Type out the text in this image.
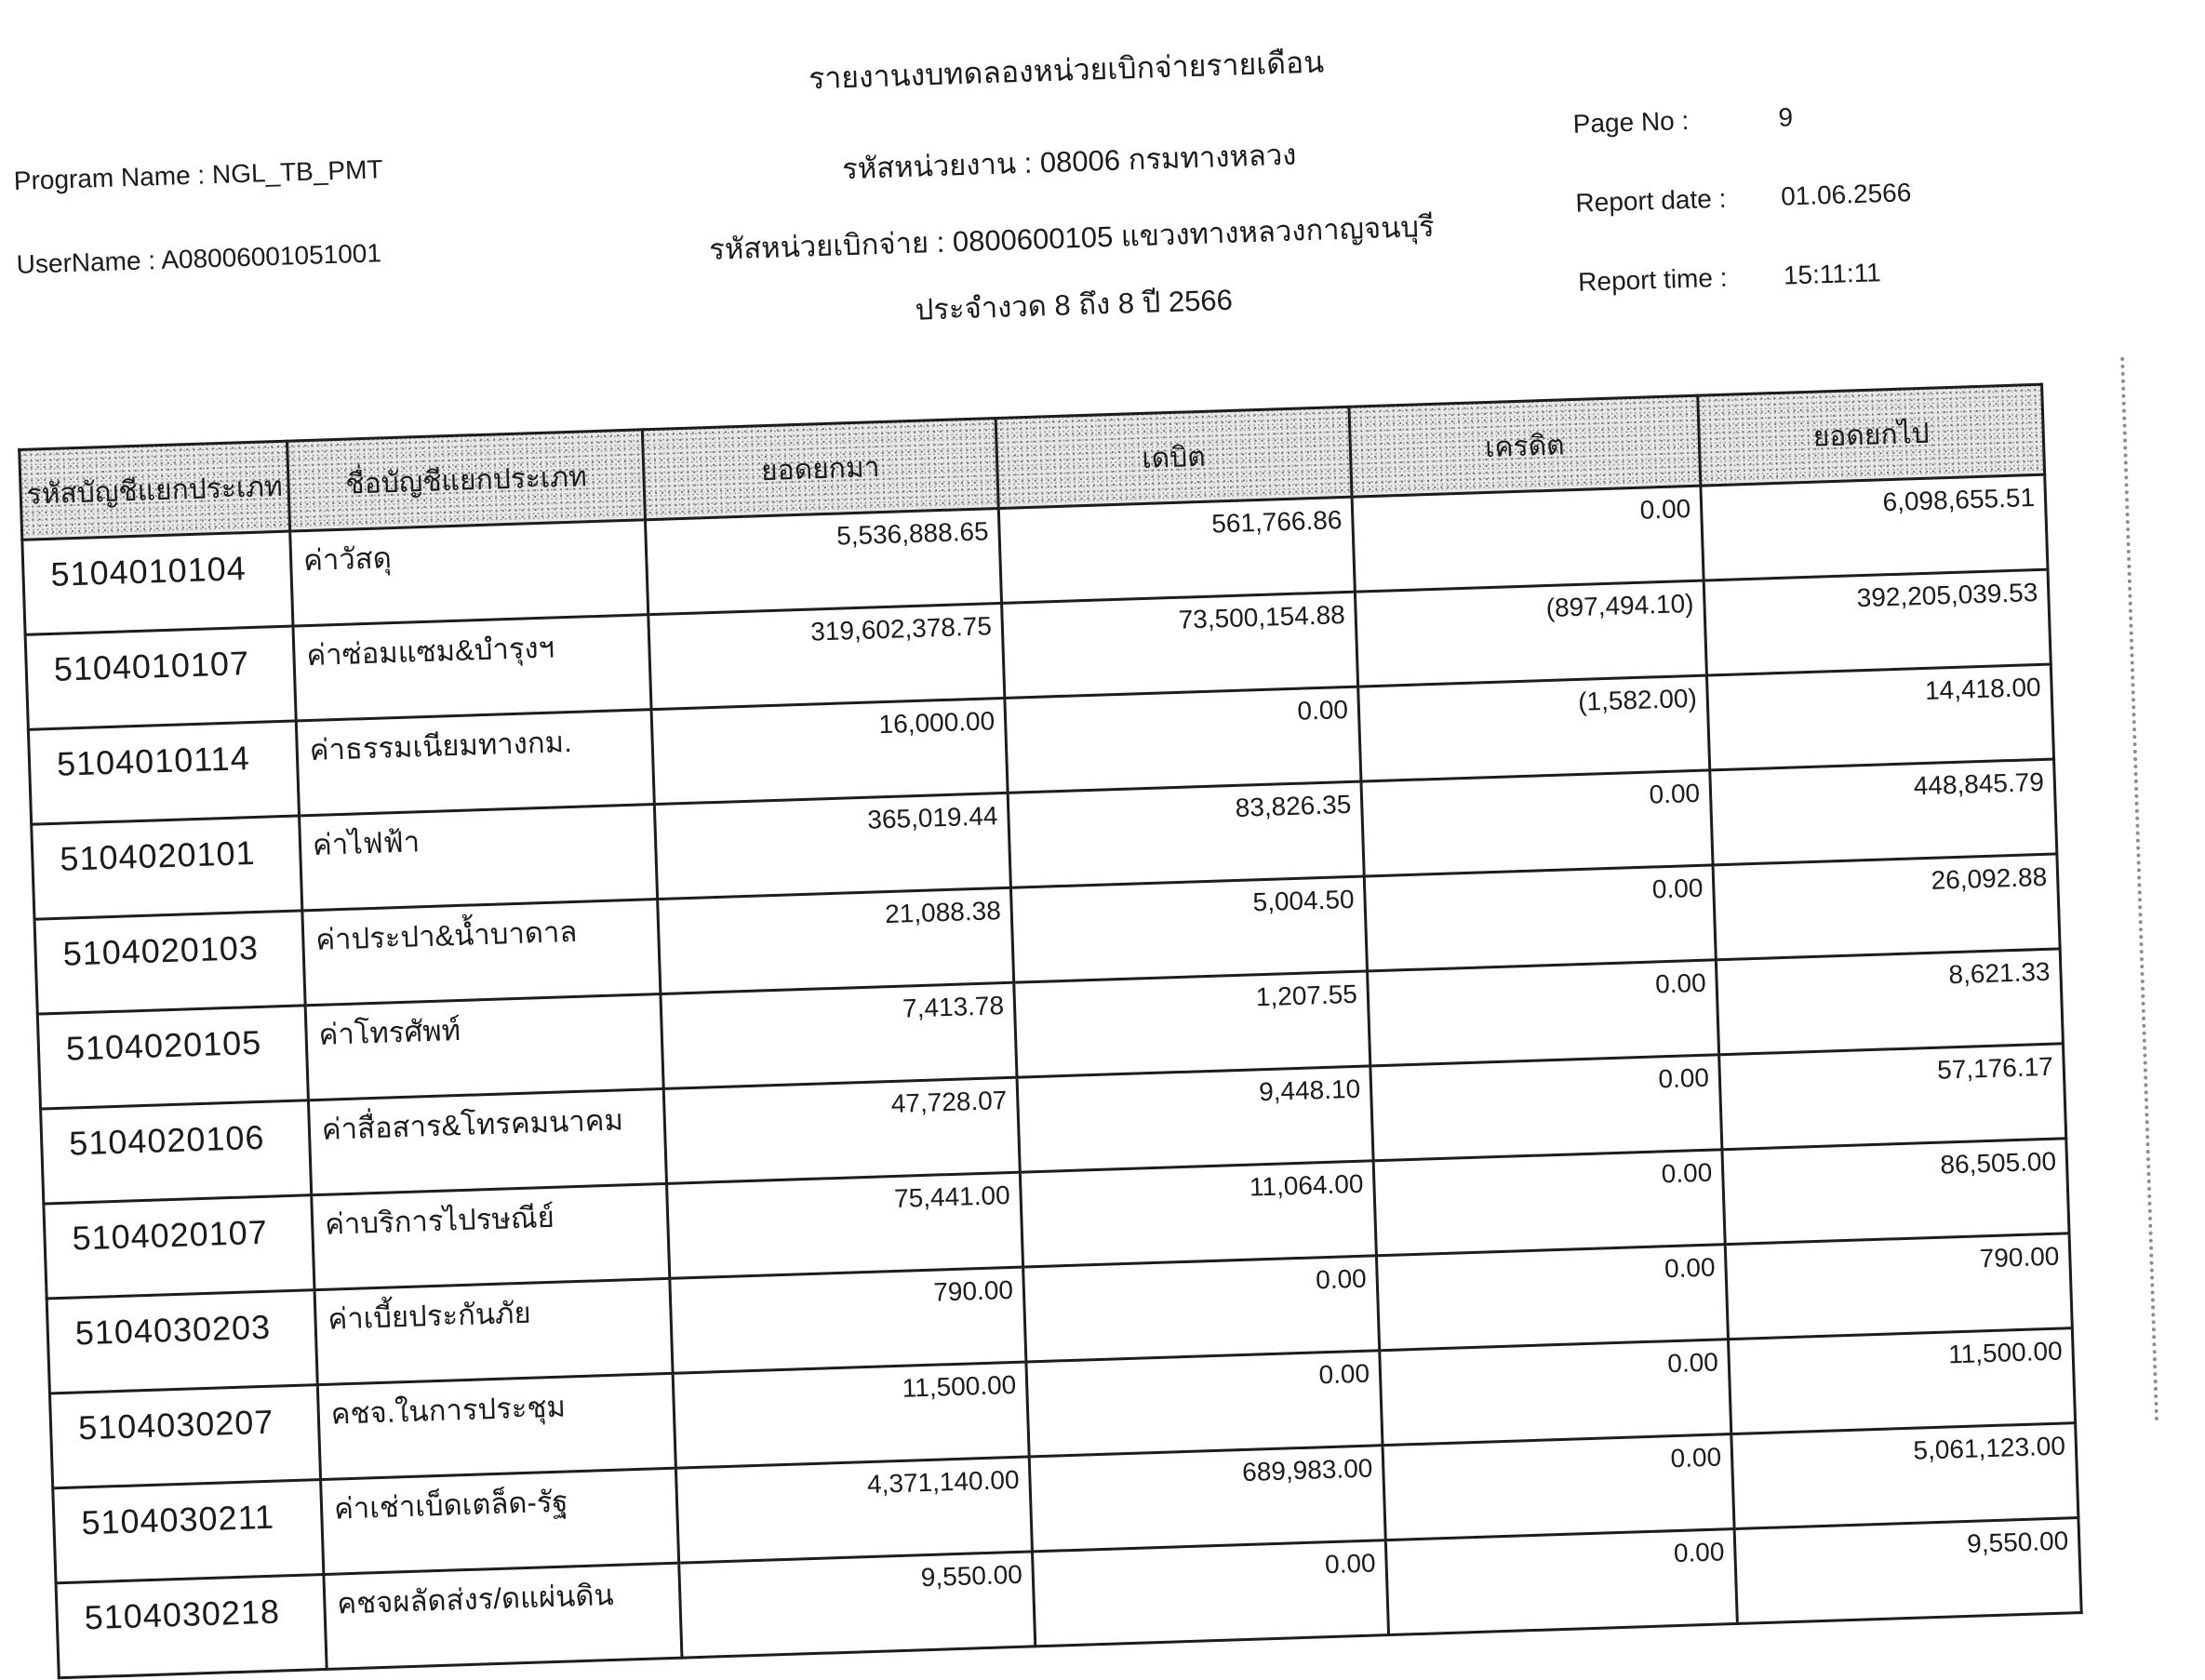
รายงานงบทดลองหน่วยเบิกจ่ายรายเดือน
รหัสหน่วยงาน : 08006 กรมทางหลวง
รหัสหน่วยเบิกจ่าย : 0800600105 แขวงทางหลวงกาญจนบุรี
ประจำงวด 8 ถึง 8 ปี 2566
Program Name : NGL_TB_PMT
UserName : A08006001051001
Page No :	9
Report date : 01.06.2566
Report time : 15:11:11
รหัสบัญชีแยกประเภท	ชื่อบัญชีแยกประเภท	ยอดยกมา	เดบิต	เครดิต	ยอดยกไป
5104010104	ค่าวัสดุ	5,536,888.65	561,766.86	0.00	6,098,655.51
5104010107	ค่าซ่อมแซม&บำรุงฯ	319,602,378.75	73,500,154.88	(897,494.10)	392,205,039.53
5104010114	ค่าธรรมเนียมทางกม.	16,000.00	0.00	(1,582.00)	14,418.00
5104020101	ค่าไฟฟ้า	365,019.44	83,826.35	0.00	448,845.79
5104020103	ค่าประปา&น้ำบาดาล	21,088.38	5,004.50	0.00	26,092.88
5104020105	ค่าโทรศัพท์	7,413.78	1,207.55	0.00	8,621.33
5104020106	ค่าสื่อสาร&โทรคมนาคม	47,728.07	9,448.10	0.00	57,176.17
5104020107	ค่าบริการไปรษณีย์	75,441.00	11,064.00	0.00	86,505.00
5104030203	ค่าเบี้ยประกันภัย	790.00	0.00	0.00	790.00
5104030207	คชจ.ในการประชุม	11,500.00	0.00	0.00	11,500.00
5104030211	ค่าเช่าเบ็ดเตล็ด-รัฐ	4,371,140.00	689,983.00	0.00	5,061,123.00
5104030218	คชจผลัดส่งร/ดแผ่นดิน	9,550.00	0.00	0.00	9,550.00
